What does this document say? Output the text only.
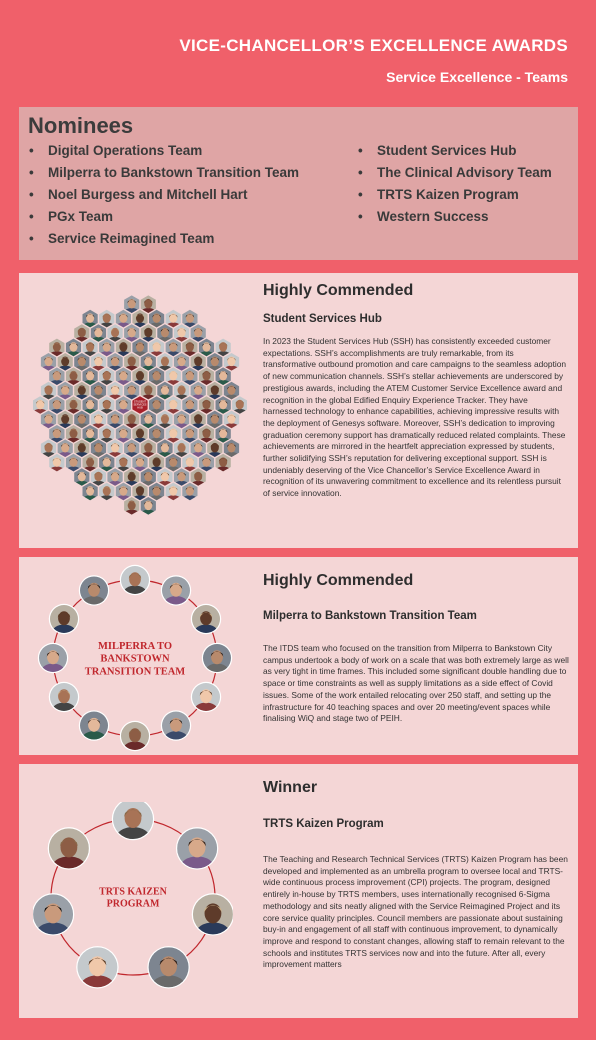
VICE-CHANCELLOR’S EXCELLENCE AWARDS
Service Excellence - Teams
Nominees
• Digital Operations Team
• Milperra to Bankstown Transition Team
• Noel Burgess and Mitchell Hart
• PGx Team
• Service Reimagined Team
• Student Services Hub
• The Clinical Advisory Team
• TRTS Kaizen Program
• Western Success
STUDENT SERVICES HUB
Highly Commended
Student Services Hub

In 2023 the Student Services Hub (SSH) has consistently exceeded customer expectations. SSH’s accomplishments are truly remarkable, from its transformative outbound promotion and care campaigns to the seamless adoption of new communication channels. SSH’s stellar achievements are underscored by prestigious awards, including the ATEM Customer Service Excellence award and recognition in the global Edified Enquiry Experience Tracker. They have harnessed technology to enhance capabilities, achieving impressive results with the deployment of Genesys software. Moreover, SSH’s dedication to improving graduation ceremony support has dramatically reduced related complaints. These achievements are mirrored in the heartfelt appreciation expressed by students, further solidifying SSH’s reputation for delivering exceptional support. SSH is undeniably deserving of the Vice Chancellor’s Service Excellence Award in recognition of its unwavering commitment to excellence and its relentless pursuit of service innovation.

MILPERRA TO BANKSTOWN TRANSITION TEAM
Highly Commended
Milperra to Bankstown Transition Team

The ITDS team who focused on the transition from Milperra to Bankstown City campus undertook a body of work on a scale that was both extremely large as well as very tight in time frames. This included some significant double handling due to space or time constraints as well as supply limitations as a side effect of Covid issues. Some of the work entailed relocating over 250 staff, and setting up the infrastructure for 40 teaching spaces and over 20 meeting/event spaces while finalising WiQ and stage two of PEIH.

TRTS KAIZEN PROGRAM
Winner
TRTS Kaizen Program

The Teaching and Research Technical Services (TRTS) Kaizen Program has been developed and implemented as an umbrella program to oversee local and TRTS-wide continuous process improvement (CPI) projects. The program, designed entirely in-house by TRTS members, uses internationally recognised 6-Sigma methodology and sits neatly aligned with the Service Reimagined Project and its core service quality principles. Council members are passionate about sustaining buy-in and engagement of all staff with continuous improvement, to dynamically improve and respond to constant changes, allowing staff to remain relevant to the schools and institutes TRTS services now and into the future. After all, every improvement matters
